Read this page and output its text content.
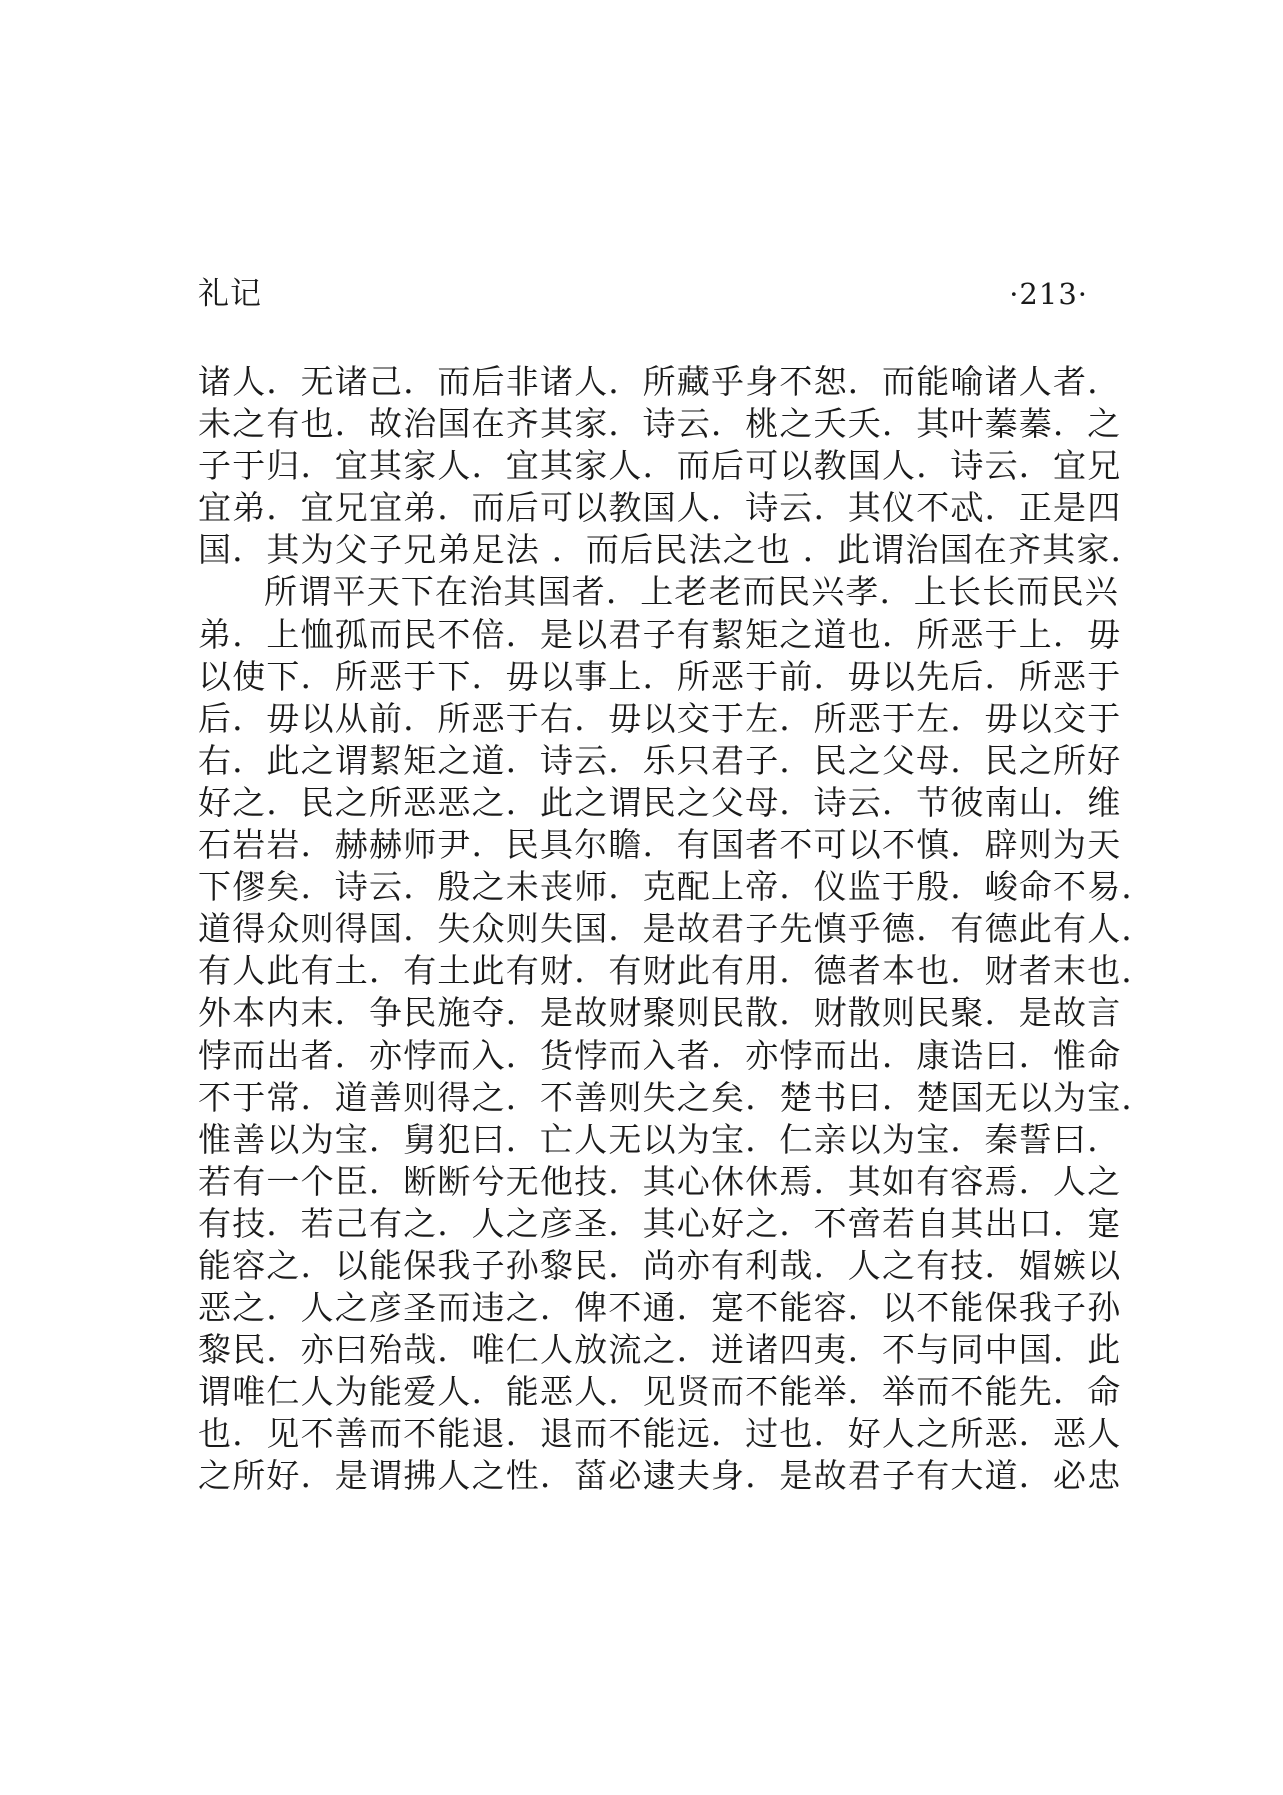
礼记	·213·
诸人．无诸己．而后非诸人．所藏乎身不恕．而能喻诸人者．
未之有也．故治国在齐其家．诗云．桃之夭夭．其叶蓁蓁．之
子于归．宜其家人．宜其家人．而后可以教国人．诗云．宜兄
宜弟．宜兄宜弟．而后可以教国人．诗云．其仪不忒．正是四
国．其为父子兄弟足法 ．而后民法之也 ．此谓治国在齐其家．
所谓平天下在治其国者．上老老而民兴孝．上长长而民兴
弟．上恤孤而民不倍．是以君子有絜矩之道也．所恶于上．毋
以使下．所恶于下．毋以事上．所恶于前．毋以先后．所恶于
后．毋以从前．所恶于右．毋以交于左．所恶于左．毋以交于
右．此之谓絜矩之道．诗云．乐只君子．民之父母．民之所好
好之．民之所恶恶之．此之谓民之父母．诗云．节彼南山．维
石岩岩．赫赫师尹．民具尔瞻．有国者不可以不慎．辟则为天
下僇矣．诗云．殷之未丧师．克配上帝．仪监于殷．峻命不易．
道得众则得国．失众则失国．是故君子先慎乎德．有德此有人．
有人此有土．有土此有财．有财此有用．德者本也．财者末也．
外本内末．争民施夺．是故财聚则民散．财散则民聚．是故言
悖而出者．亦悖而入．货悖而入者．亦悖而出．康诰曰．惟命
不于常．道善则得之．不善则失之矣．楚书曰．楚国无以为宝．
惟善以为宝．舅犯曰．亡人无以为宝．仁亲以为宝．秦誓曰．
若有一个臣．断断兮无他技．其心休休焉．其如有容焉．人之
有技．若己有之．人之彦圣．其心好之．不啻若自其出口．寔
能容之．以能保我子孙黎民．尚亦有利哉．人之有技．媢嫉以
恶之．人之彦圣而违之．俾不通．寔不能容．以不能保我子孙
黎民．亦曰殆哉．唯仁人放流之．迸诸四夷．不与同中国．此
谓唯仁人为能爱人．能恶人．见贤而不能举．举而不能先．命
也．见不善而不能退．退而不能远．过也．好人之所恶．恶人
之所好．是谓拂人之性．菑必逮夫身．是故君子有大道．必忠
